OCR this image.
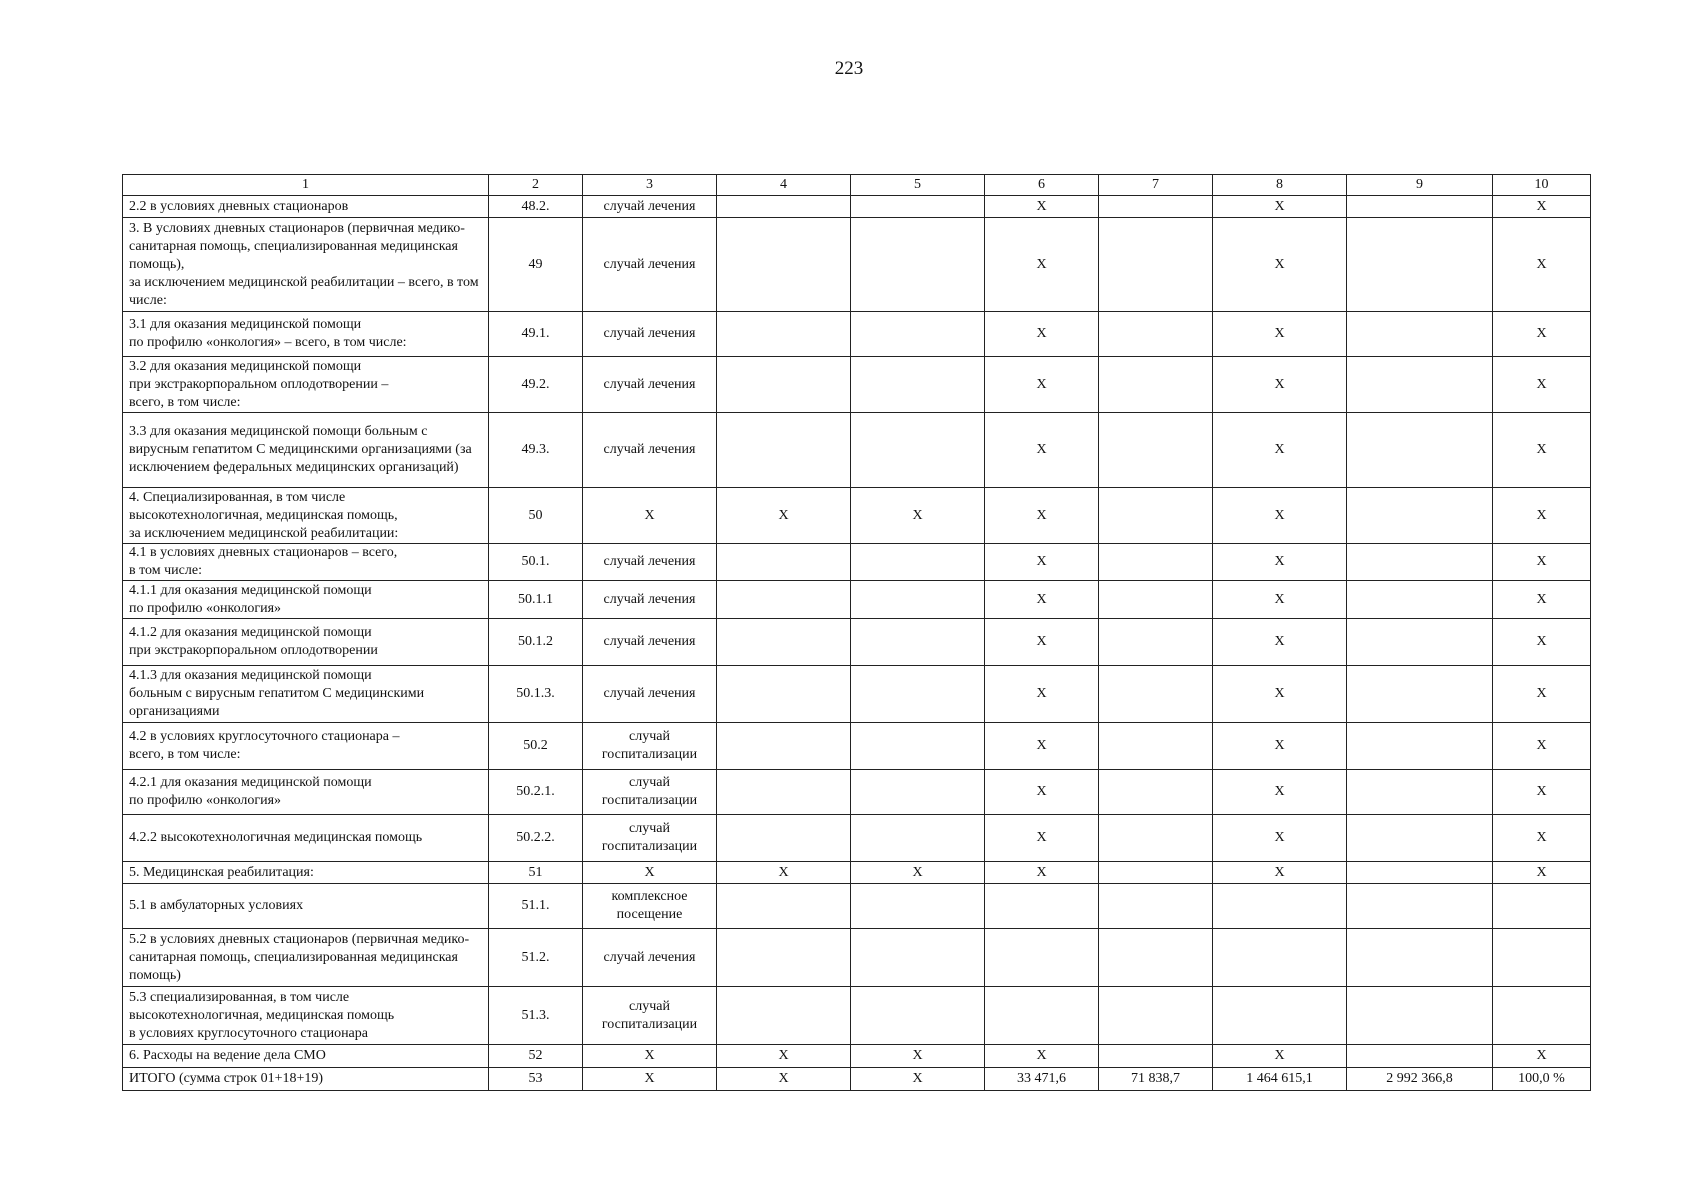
223
1	2	3	4	5	6	7	8	9	10
2.2 в условиях дневных стационаров	48.2.	случай лечения			X		X		X
3. В условиях дневных стационаров (первичная медико-санитарная помощь, специализированная медицинская помощь),
за исключением медицинской реабилитации – всего, в том числе:	49	случай лечения			X		X		X
3.1 для оказания медицинской помощи
по профилю «онкология» – всего, в том числе:	49.1.	случай лечения			X		X		X
3.2 для оказания медицинской помощи
при экстракорпоральном оплодотворении –
всего, в том числе:	49.2.	случай лечения			X		X		X
3.3 для оказания медицинской помощи больным с вирусным гепатитом С медицинскими организациями (за исключением федеральных медицинских организаций)	49.3.	случай лечения			X		X		X
4. Специализированная, в том числе высокотехнологичная, медицинская помощь,
за исключением медицинской реабилитации:	50	X	X	X	X		X		X
4.1 в условиях дневных стационаров – всего,
в том числе:	50.1.	случай лечения			X		X		X
4.1.1 для оказания медицинской помощи
по профилю «онкология»	50.1.1	случай лечения			X		X		X
4.1.2 для оказания медицинской помощи
при экстракорпоральном оплодотворении	50.1.2	случай лечения			X		X		X
4.1.3 для оказания медицинской помощи
больным с вирусным гепатитом С медицинскими организациями	50.1.3.	случай лечения			X		X		X
4.2 в условиях круглосуточного стационара –
всего, в том числе:	50.2	случай
госпитализации			X		X		X
4.2.1 для оказания медицинской помощи
по профилю «онкология»	50.2.1.	случай
госпитализации			X		X		X
4.2.2 высокотехнологичная медицинская помощь	50.2.2.	случай
госпитализации			X		X		X
5. Медицинская реабилитация:	51	X	X	X	X		X		X
5.1 в амбулаторных условиях	51.1.	комплексное
посещение							
5.2 в условиях дневных стационаров (первичная медико-санитарная помощь, специализированная медицинская помощь)	51.2.	случай лечения							
5.3 специализированная, в том числе высокотехнологичная, медицинская помощь
в условиях круглосуточного стационара	51.3.	случай
госпитализации							
6. Расходы на ведение дела СМО	52	X	X	X	X		X		X
ИТОГО (сумма строк 01+18+19)	53	X	X	X	33 471,6	71 838,7	1 464 615,1	2 992 366,8	100,0 %
